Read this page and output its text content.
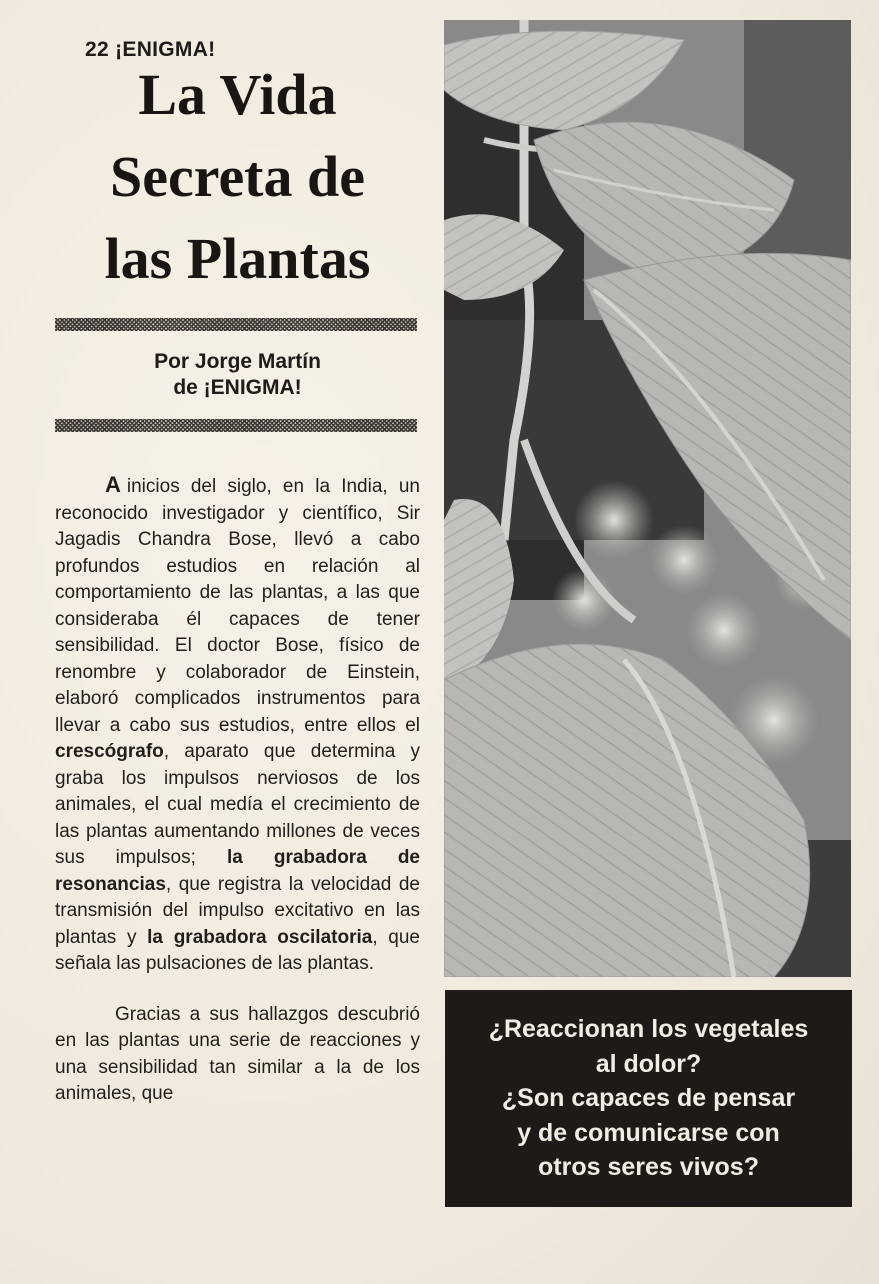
22 ¡ENIGMA!
La Vida
Secreta de
las Plantas
Por Jorge Martín
de ¡ENIGMA!

A inicios del siglo, en la India, un reconocido investigador y científico, Sir Jagadis Chandra Bose, llevó a cabo profundos estudios en relación al comportamiento de las plantas, a las que consideraba él capaces de tener sensibilidad. El doctor Bose, físico de renombre y colaborador de Einstein, elaboró complicados instrumentos para llevar a cabo sus estudios, entre ellos el crescógrafo, aparato que determina y graba los impulsos nerviosos de los animales, el cual medía el crecimiento de las plantas aumentando millones de veces sus impulsos; la grabadora de resonancias, que registra la velocidad de transmisión del impulso excitativo en las plantas y la grabadora oscilatoria, que señala las pulsaciones de las plantas.

Gracias a sus hallazgos descubrió en las plantas una serie de reacciones y una sensibilidad tan similar a la de los animales, que

¿Reaccionan los vegetales
al dolor?
¿Son capaces de pensar
y de comunicarse con
otros seres vivos?
